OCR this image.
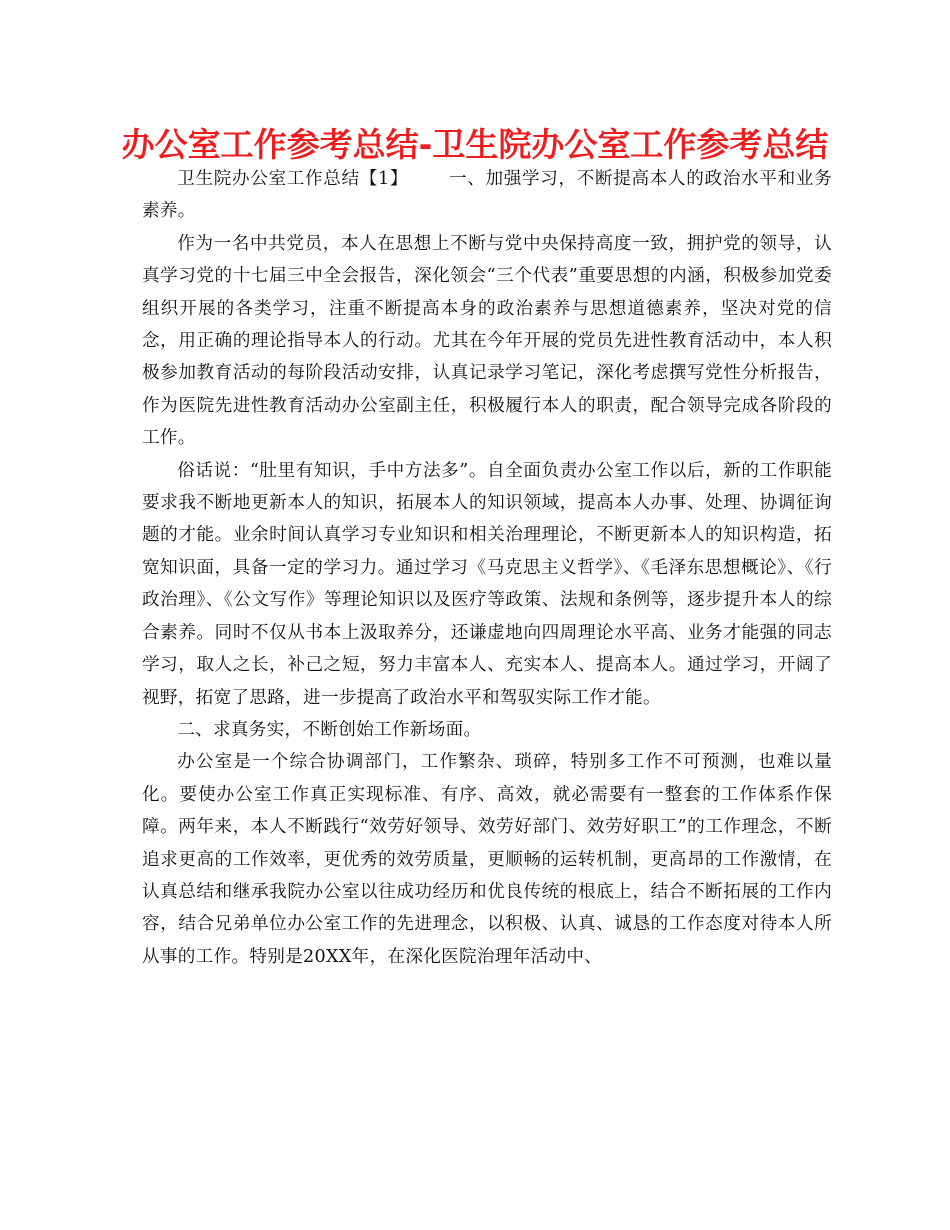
办公室工作参考总结-卫生院办公室工作参考总结

卫生院办公室工作总结【1】 一、加强学习，不断提高本人的政治水平和业务素养。

作为一名中共党员，本人在思想上不断与党中央保持高度一致，拥护党的领导，认真学习党的十七届三中全会报告，深化领会“三个代表”重要思想的内涵，积极参加党委组织开展的各类学习，注重不断提高本身的政治素养与思想道德素养，坚决对党的信念，用正确的理论指导本人的行动。尤其在今年开展的党员先进性教育活动中，本人积极参加教育活动的每阶段活动安排，认真记录学习笔记，深化考虑撰写党性分析报告，作为医院先进性教育活动办公室副主任，积极履行本人的职责，配合领导完成各阶段的工作。

俗话说：“肚里有知识，手中方法多”。自全面负责办公室工作以后，新的工作职能要求我不断地更新本人的知识，拓展本人的知识领域，提高本人办事、处理、协调征询题的才能。业余时间认真学习专业知识和相关治理理论，不断更新本人的知识构造，拓宽知识面，具备一定的学习力。通过学习《马克思主义哲学》、《毛泽东思想概论》、《行政治理》、《公文写作》等理论知识以及医疗等政策、法规和条例等，逐步提升本人的综合素养。同时不仅从书本上汲取养分，还谦虚地向四周理论水平高、业务才能强的同志学习，取人之长，补己之短，努力丰富本人、充实本人、提高本人。通过学习，开阔了视野，拓宽了思路，进一步提高了政治水平和驾驭实际工作才能。

二、求真务实，不断创始工作新场面。

办公室是一个综合协调部门，工作繁杂、琐碎，特别多工作不可预测，也难以量化。要使办公室工作真正实现标准、有序、高效，就必需要有一整套的工作体系作保障。两年来，本人不断践行“效劳好领导、效劳好部门、效劳好职工”的工作理念，不断追求更高的工作效率，更优秀的效劳质量，更顺畅的运转机制，更高昂的工作激情，在认真总结和继承我院办公室以往成功经历和优良传统的根底上，结合不断拓展的工作内容，结合兄弟单位办公室工作的先进理念，以积极、认真、诚恳的工作态度对待本人所从事的工作。特别是20XX年，在深化医院治理年活动中、
